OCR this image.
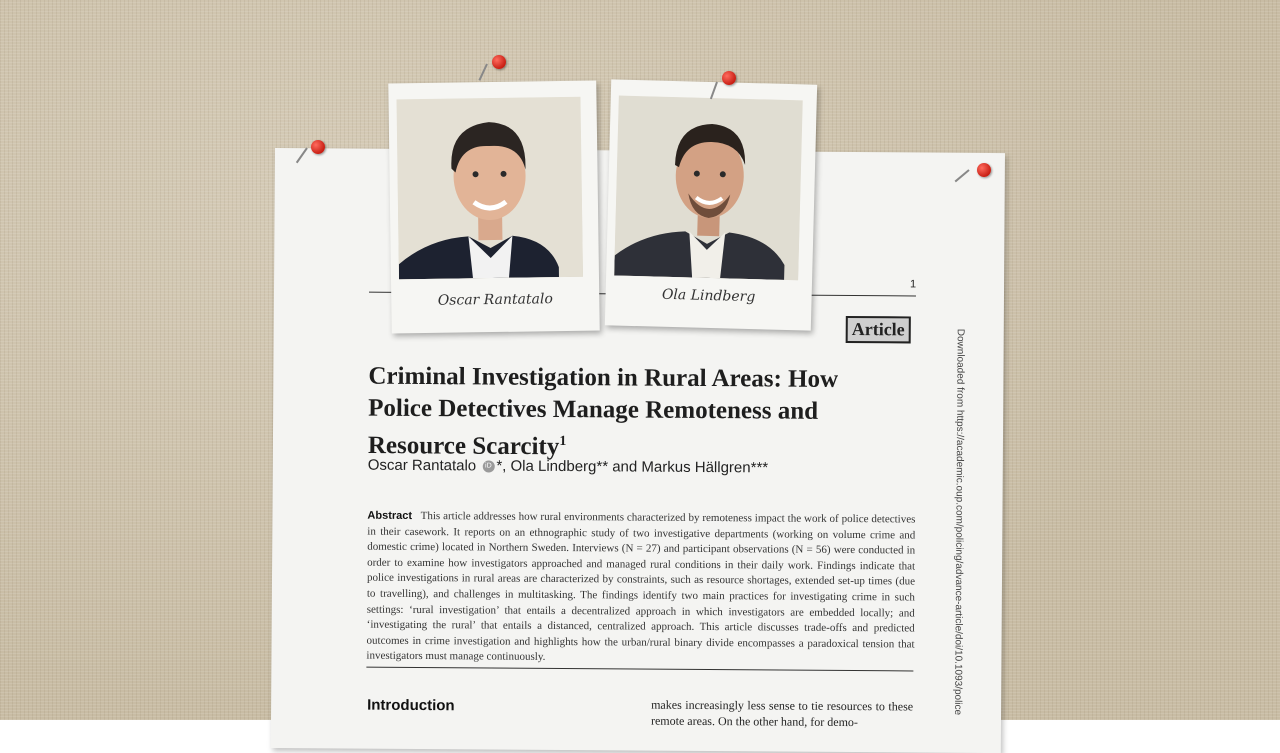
1
Article
Criminal Investigation in Rural Areas: How
Police Detectives Manage Remoteness and
Resource Scarcity$^1$
Oscar Rantatalo iD *, Ola Lindberg** and Markus Hällgren***

Abstract This article addresses how rural environments characterized by remoteness impact the work of police detectives in their casework. It reports on an ethnographic study of two investigative departments (working on volume crime and domestic crime) located in Northern Sweden. Interviews (N = 27) and participant observations (N = 56) were conducted in order to examine how investigators approached and managed rural conditions in their daily work. Findings indicate that police investigations in rural areas are characterized by constraints, such as resource shortages, extended set-up times (due to travelling), and challenges in multitasking. The findings identify two main practices for investigating crime in such settings: ‘rural investigation’ that entails a decentralized approach in which investigators are embedded locally; and ‘investigating the rural’ that entails a distanced, centralized approach. This article discusses trade-offs and predicted outcomes in crime investigation and highlights how the urban/rural binary divide encompasses a paradoxical tension that investigators must manage continuously.

Introduction	makes increasingly less sense to tie resources to these remote areas. On the other hand, for demo-
Downloaded from https://academic.oup.com/policing/advance-article/doi/10.1093/police
Oscar Rantatalo	Ola Lindberg
